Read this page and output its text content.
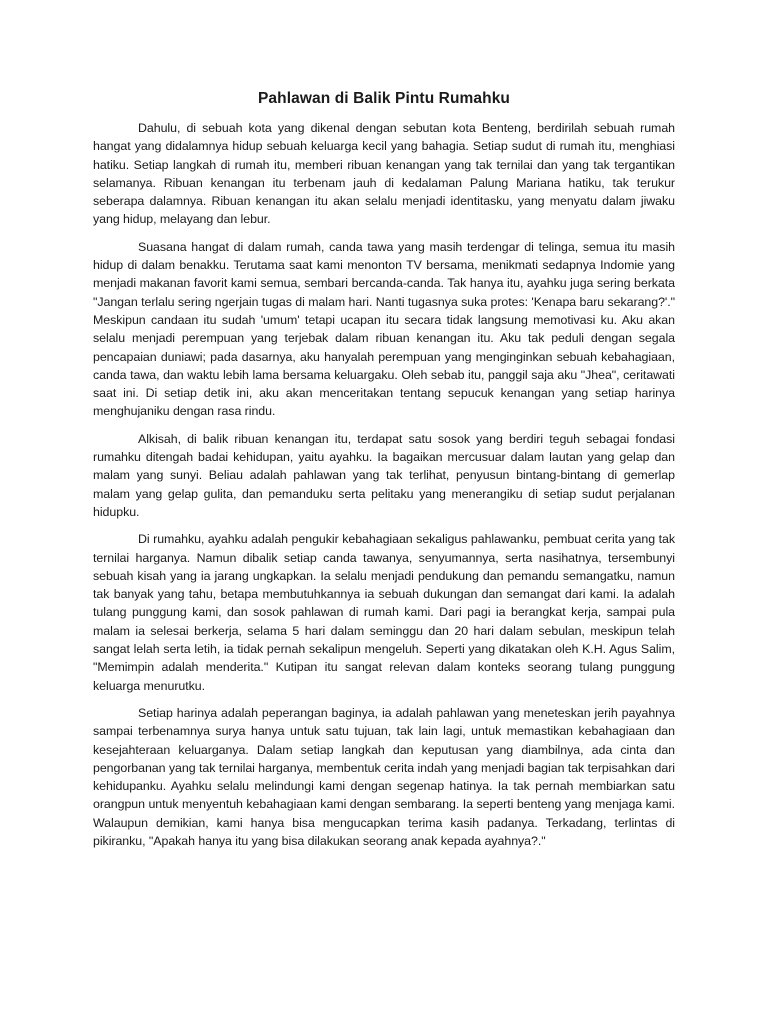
Pahlawan di Balik Pintu Rumahku

Dahulu, di sebuah kota yang dikenal dengan sebutan kota Benteng, berdirilah sebuah rumah hangat yang didalamnya hidup sebuah keluarga kecil yang bahagia. Setiap sudut di rumah itu, menghiasi hatiku. Setiap langkah di rumah itu, memberi ribuan kenangan yang tak ternilai dan yang tak tergantikan selamanya. Ribuan kenangan itu terbenam jauh di kedalaman Palung Mariana hatiku, tak terukur seberapa dalamnya. Ribuan kenangan itu akan selalu menjadi identitasku, yang menyatu dalam jiwaku yang hidup, melayang dan lebur.

Suasana hangat di dalam rumah, canda tawa yang masih terdengar di telinga, semua itu masih hidup di dalam benakku. Terutama saat kami menonton TV bersama, menikmati sedapnya Indomie yang menjadi makanan favorit kami semua, sembari bercanda-canda. Tak hanya itu, ayahku juga sering berkata "Jangan terlalu sering ngerjain tugas di malam hari. Nanti tugasnya suka protes: 'Kenapa baru sekarang?'." Meskipun candaan itu sudah 'umum' tetapi ucapan itu secara tidak langsung memotivasi ku. Aku akan selalu menjadi perempuan yang terjebak dalam ribuan kenangan itu. Aku tak peduli dengan segala pencapaian duniawi; pada dasarnya, aku hanyalah perempuan yang menginginkan sebuah kebahagiaan, canda tawa, dan waktu lebih lama bersama keluargaku. Oleh sebab itu, panggil saja aku "Jhea", ceritawati saat ini. Di setiap detik ini, aku akan menceritakan tentang sepucuk kenangan yang setiap harinya menghujaniku dengan rasa rindu.

Alkisah, di balik ribuan kenangan itu, terdapat satu sosok yang berdiri teguh sebagai fondasi rumahku ditengah badai kehidupan, yaitu ayahku. Ia bagaikan mercusuar dalam lautan yang gelap dan malam yang sunyi. Beliau adalah pahlawan yang tak terlihat, penyusun bintang-bintang di gemerlap malam yang gelap gulita, dan pemanduku serta pelitaku yang menerangiku di setiap sudut perjalanan hidupku.

Di rumahku, ayahku adalah pengukir kebahagiaan sekaligus pahlawanku, pembuat cerita yang tak ternilai harganya. Namun dibalik setiap canda tawanya, senyumannya, serta nasihatnya, tersembunyi sebuah kisah yang ia jarang ungkapkan. Ia selalu menjadi pendukung dan pemandu semangatku, namun tak banyak yang tahu, betapa membutuhkannya ia sebuah dukungan dan semangat dari kami. Ia adalah tulang punggung kami, dan sosok pahlawan di rumah kami. Dari pagi ia berangkat kerja, sampai pula malam ia selesai berkerja, selama 5 hari dalam seminggu dan 20 hari dalam sebulan, meskipun telah sangat lelah serta letih, ia tidak pernah sekalipun mengeluh. Seperti yang dikatakan oleh K.H. Agus Salim, "Memimpin adalah menderita." Kutipan itu sangat relevan dalam konteks seorang tulang punggung keluarga menurutku.

Setiap harinya adalah peperangan baginya, ia adalah pahlawan yang meneteskan jerih payahnya sampai terbenamnya surya hanya untuk satu tujuan, tak lain lagi, untuk memastikan kebahagiaan dan kesejahteraan keluarganya. Dalam setiap langkah dan keputusan yang diambilnya, ada cinta dan pengorbanan yang tak ternilai harganya, membentuk cerita indah yang menjadi bagian tak terpisahkan dari kehidupanku. Ayahku selalu melindungi kami dengan segenap hatinya. Ia tak pernah membiarkan satu orangpun untuk menyentuh kebahagiaan kami dengan sembarang. Ia seperti benteng yang menjaga kami. Walaupun demikian, kami hanya bisa mengucapkan terima kasih padanya. Terkadang, terlintas di pikiranku, "Apakah hanya itu yang bisa dilakukan seorang anak kepada ayahnya?."
